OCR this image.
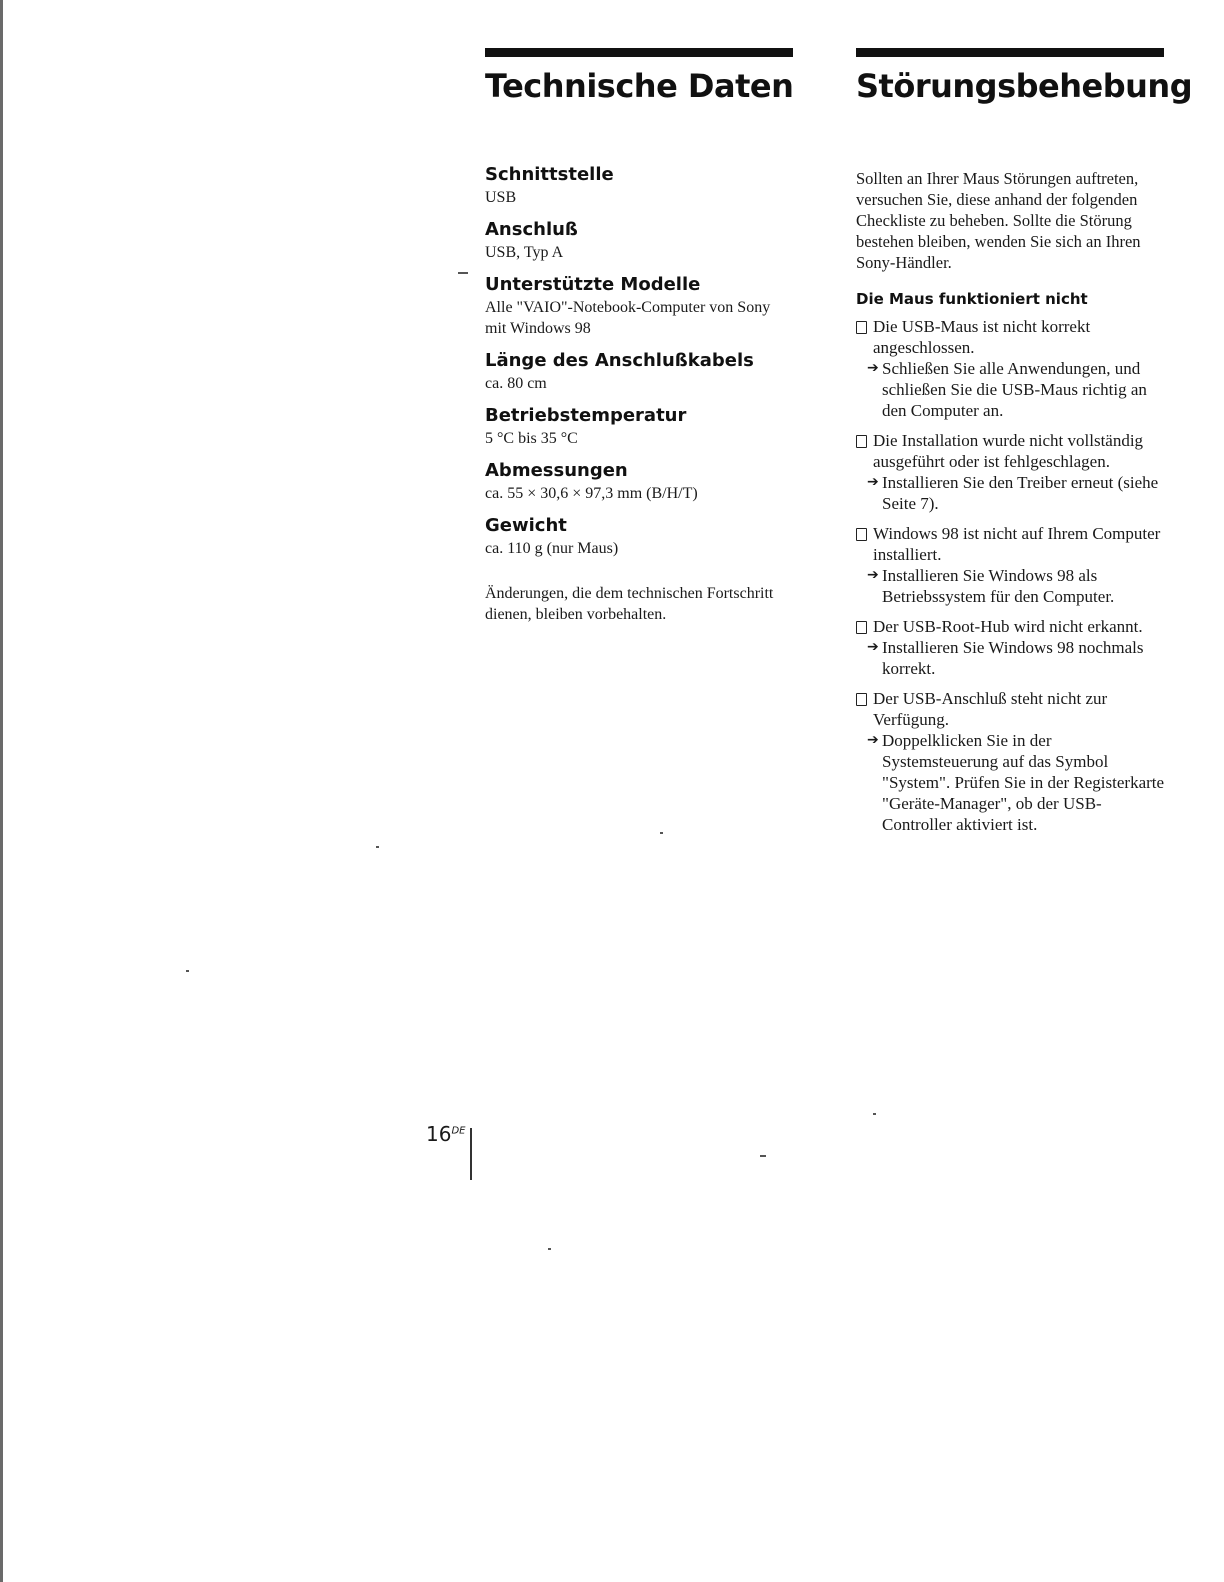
Technische Daten
Schnittstelle

USB

Anschluß

USB, Typ A

Unterstützte Modelle

Alle "VAIO"-Notebook-Computer von Sony mit Windows 98

Länge des Anschlußkabels

ca. 80 cm

Betriebstemperatur

5 °C bis 35 °C

Abmessungen

ca. 55 × 30,6 × 97,3 mm (B/H/T)

Gewicht

ca. 110 g (nur Maus)

Änderungen, die dem technischen Fortschritt dienen, bleiben vorbehalten.

Störungsbehebung

Sollten an Ihrer Maus Störungen auftreten, versuchen Sie, diese anhand der folgenden Checkliste zu beheben. Sollte die Störung bestehen bleiben, wenden Sie sich an Ihren Sony-Händler.

Die Maus funktioniert nicht
Die USB-Maus ist nicht korrekt angeschlossen.
➔ Schließen Sie alle Anwendungen, und schließen Sie die USB-Maus richtig an den Computer an.
Die Installation wurde nicht vollständig ausgeführt oder ist fehlgeschlagen.
➔ Installieren Sie den Treiber erneut (siehe Seite 7).
Windows 98 ist nicht auf Ihrem Computer installiert.
➔ Installieren Sie Windows 98 als Betriebssystem für den Computer.
Der USB-Root-Hub wird nicht erkannt.
➔ Installieren Sie Windows 98 nochmals korrekt.
Der USB-Anschluß steht nicht zur Verfügung.
➔ Doppelklicken Sie in der Systemsteuerung auf das Symbol "System". Prüfen Sie in der Registerkarte "Geräte-Manager", ob der USB-Controller aktiviert ist.
16DE
